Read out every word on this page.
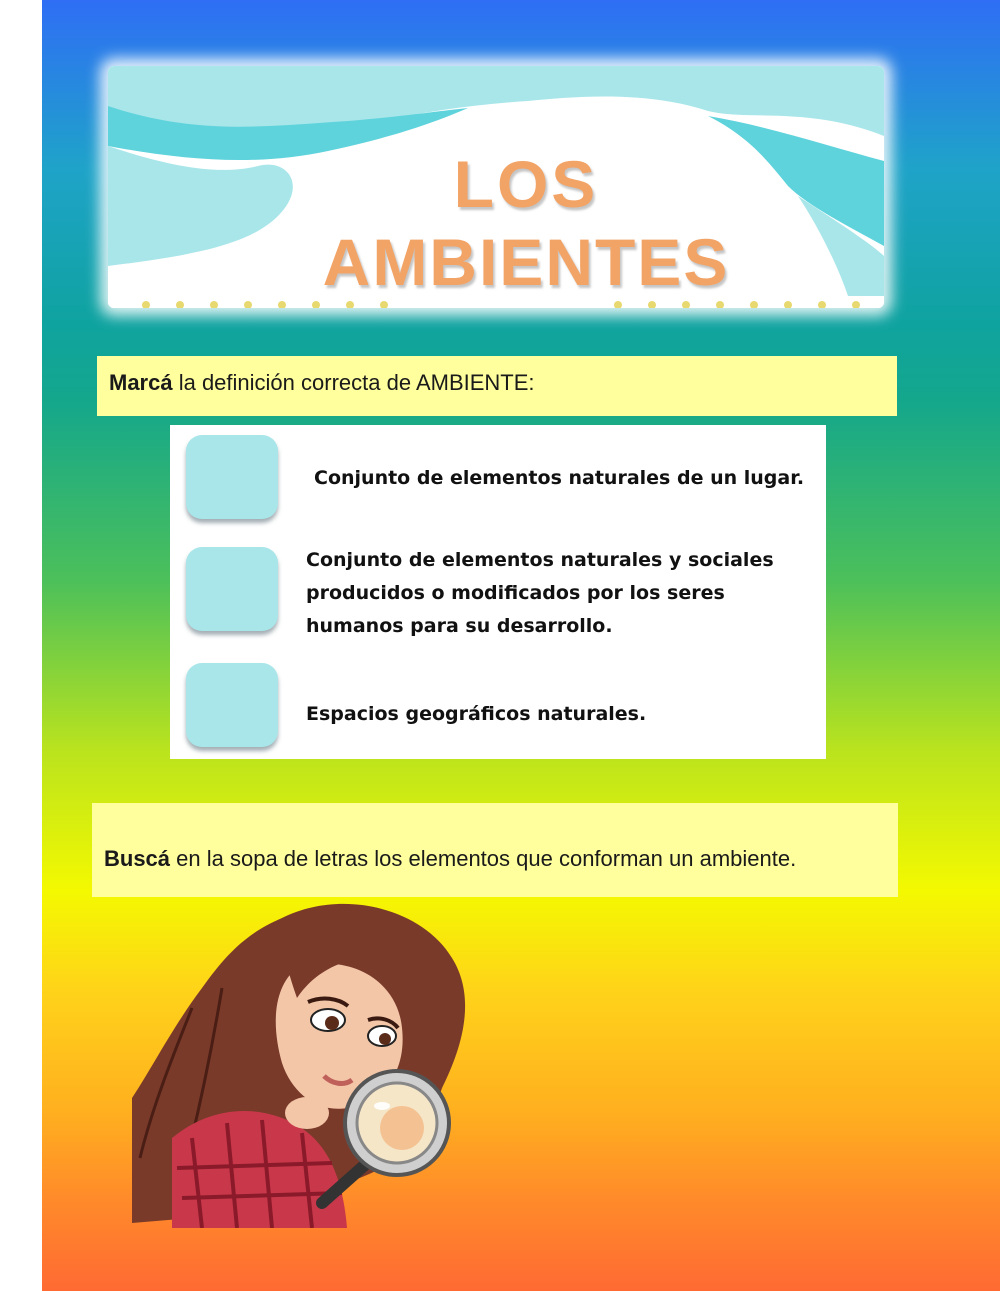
LOS
AMBIENTES
Marcá la definición correcta de AMBIENTE:
Conjunto de elementos naturales de un lugar.
Conjunto de elementos naturales y sociales producidos o modificados por los seres humanos para su desarrollo.
Espacios geográficos naturales.
Buscá en la sopa de letras los elementos que conforman un ambiente.
